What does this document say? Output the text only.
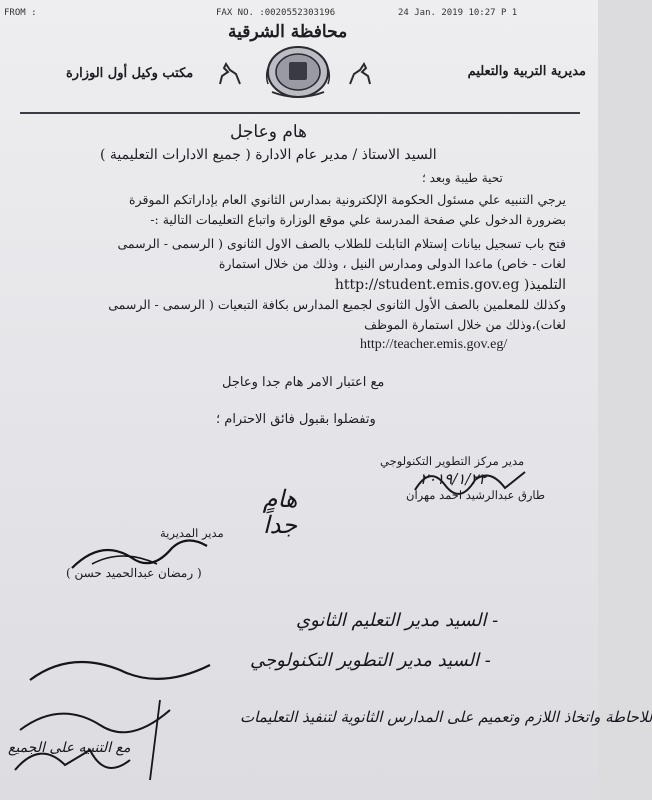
FROM :	FAX NO. :0020552303196	24 Jan. 2019 10:27 P 1
محافظة الشرقية
مديرية التربية والتعليم
مكتب وكيل أول الوزارة
هام وعاجل
السيد الاستاذ / مدير عام الادارة ( جميع الادارات التعليمية )
تحية طيبة وبعد ؛
يرجي التنبيه علي مسئول الحكومة الإلكترونية بمدارس الثانوي العام بإداراتكم الموقرة
بضرورة الدخول علي صفحة المدرسة علي موقع الوزارة واتباع التعليمات التالية :-
فتح باب تسجيل بيانات إستلام التابلت للطلاب بالصف الاول الثانوى ( الرسمى - الرسمى
لغات - خاص) ماعدا الدولى ومدارس النيل ، وذلك من خلال استمارة
التلميذ( http://student.emis.gov.eg
وكذلك للمعلمين بالصف الأول الثانوى لجميع المدارس بكافة التبعيات ( الرسمى - الرسمى
لغات)،وذلك من خلال استمارة الموظف
http://teacher.emis.gov.eg/
مع اعتبار الامر هام جدا وعاجل
وتفضلوا بقبول فائق الاحترام ؛
مدير مركز التطوير التكنولوجي
٢٠١٩/١/٢٢
طارق عبدالرشيد احمد مهران
هام جداً
مدير المديرية
( رمضان عبدالحميد حسن )
- السيد مدير التعليم الثانوي
- السيد مدير التطوير التكنولوجي
للاحاطة واتخاذ اللازم وتعميم على المدارس الثانوية لتنفيذ التعليمات
مع التنبيه على الجميع
